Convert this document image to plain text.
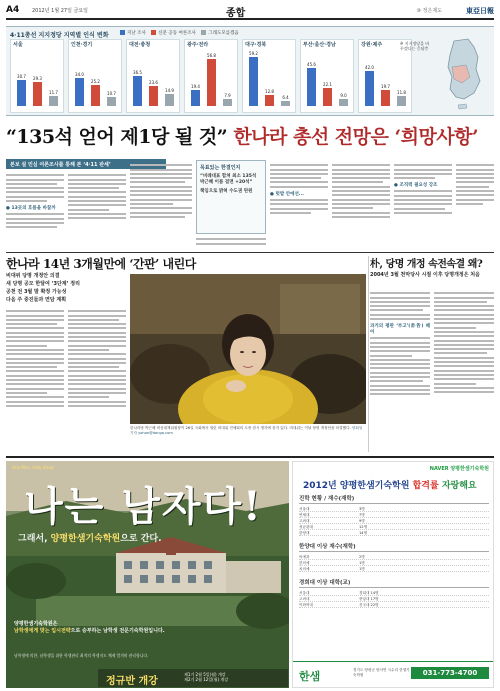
A4	2012년 1월 27일 금요일	종합	⑩ 정은제도	東亞日報
4·11총선 지지정당 지역별 인식 변화	지난 조사	신문 공동 여론조사	그래도모를겠음
서울
30.7	29.3
11.7
인천·경기
34.0
25.2
10.7
대전·충청
36.5
23.6
14.9
광주·전라
19.4
56.8
7.9
대구·경북
59.2
12.8
6.4
부산·울산·경남
45.6
22.1
9.0
강원·제주
42.0
19.7
11.8
※ 지지정당을 바꾸겠다는 응답층
“135석 얻어 제1당 될 것” 한나라 총선 전망은 ‘희망사항’
본보 설 민심 여론조사를 통해 본 ‘4·11 판세’
● 13곳의 흐름을 바꿀까
목표있는 한결인지
“비례대표 합쳐 최소 135석 박근혜 이름 걸면 +20석”
책임으로 밝혀 수도권 탄원
● 텃밭 안에선...
● 조직력 필요성 강조
한나라 14년 3개월만에 ‘간판’ 내린다
비대위 당명 개정안 의결
새 당명 공모 한달여 ‘3단계’ 정리
공천 전 3월 말 확정 가능성
다음 주 중진들과 면담 계획
한나라당 박근혜 비상대책위원장이 26일 국회에서 열린 비대위 전체회의 도중 잠시 생각에 잠겨 있다. 비대위는 이날 당명 개정안을 의결했다. 양회성 기자 yohan@donga.com
朴, 당명 개정 속전속결 왜?
2004년 3월 천막당사 시절 이후 당명개정은 처음
과거의 평판 ‘부고’(訃告) 떼어
One Man, Only Study
나는 남자다!
그래서, 양평한샘기숙학원으로 간다.
양평한샘기숙학원은
남학생에게 맞는 입시전략으로 승부하는 남학생 전문기숙학원입니다.
남학생에 의한, 남학생을 위한 학생관리 최적의 학생지도 체제 엄격히 관리합니다.
정규반 개강
제1기 2월 5일(월) 개강
제2기 2월 12일(월) 개강
NAVER 양평한샘기숙학원
2012년 양평한샘기숙학원 합격률 자랑해요
진학 현황 / 재수(재학)
서울대	3명
연세대	7명
고려대	9명
성균관대	12명
한양대	14명
한양대 이상 재수(재학)
의예과	2명
한의예	1명
치의예	1명
경희대 이상 대학(교)
서울대	경희대 14명
고려대	중앙대 17명
이화여대	건국대 22명
한샘	경기도 양평군 양서면 국수리 한샘기숙학원	031-773-4700
